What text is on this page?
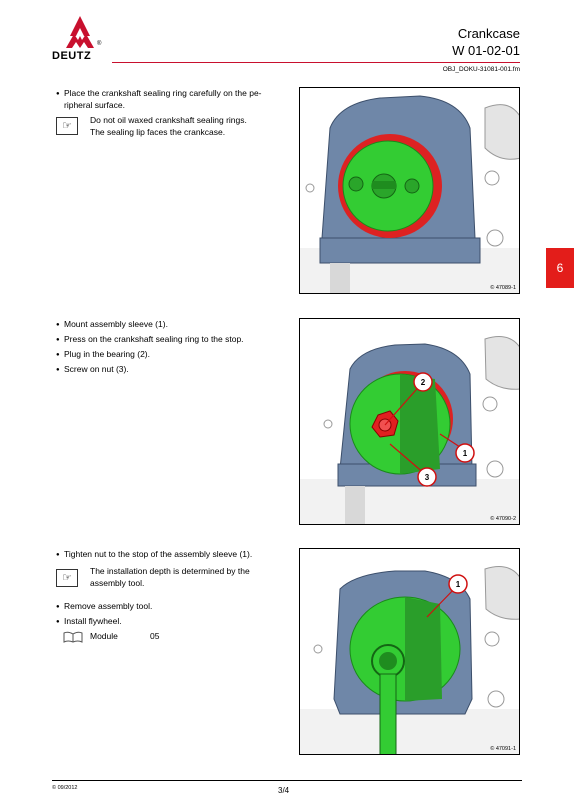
DEUTZ
®
Crankcase
W 01-02-01
OBJ_DOKU-31081-001.fm
6
● Place the crankshaft sealing ring carefully on the pe-
ripheral surface.
☞	Do not oil waxed crankshaft sealing rings.
The sealing lip faces the crankcase.
© 47089-1
● Mount assembly sleeve (1).
● Press on the crankshaft sealing ring to the stop.
● Plug in the bearing (2).
● Screw on nut (3).
2
1
3
© 47090-2
● Tighten nut to the stop of the assembly sleeve (1).
☞
The installation depth is determined by the
assembly tool.
● Remove assembly tool.
● Install flywheel.
Module	05
1
© 47091-1
© 09/2012	3/4
